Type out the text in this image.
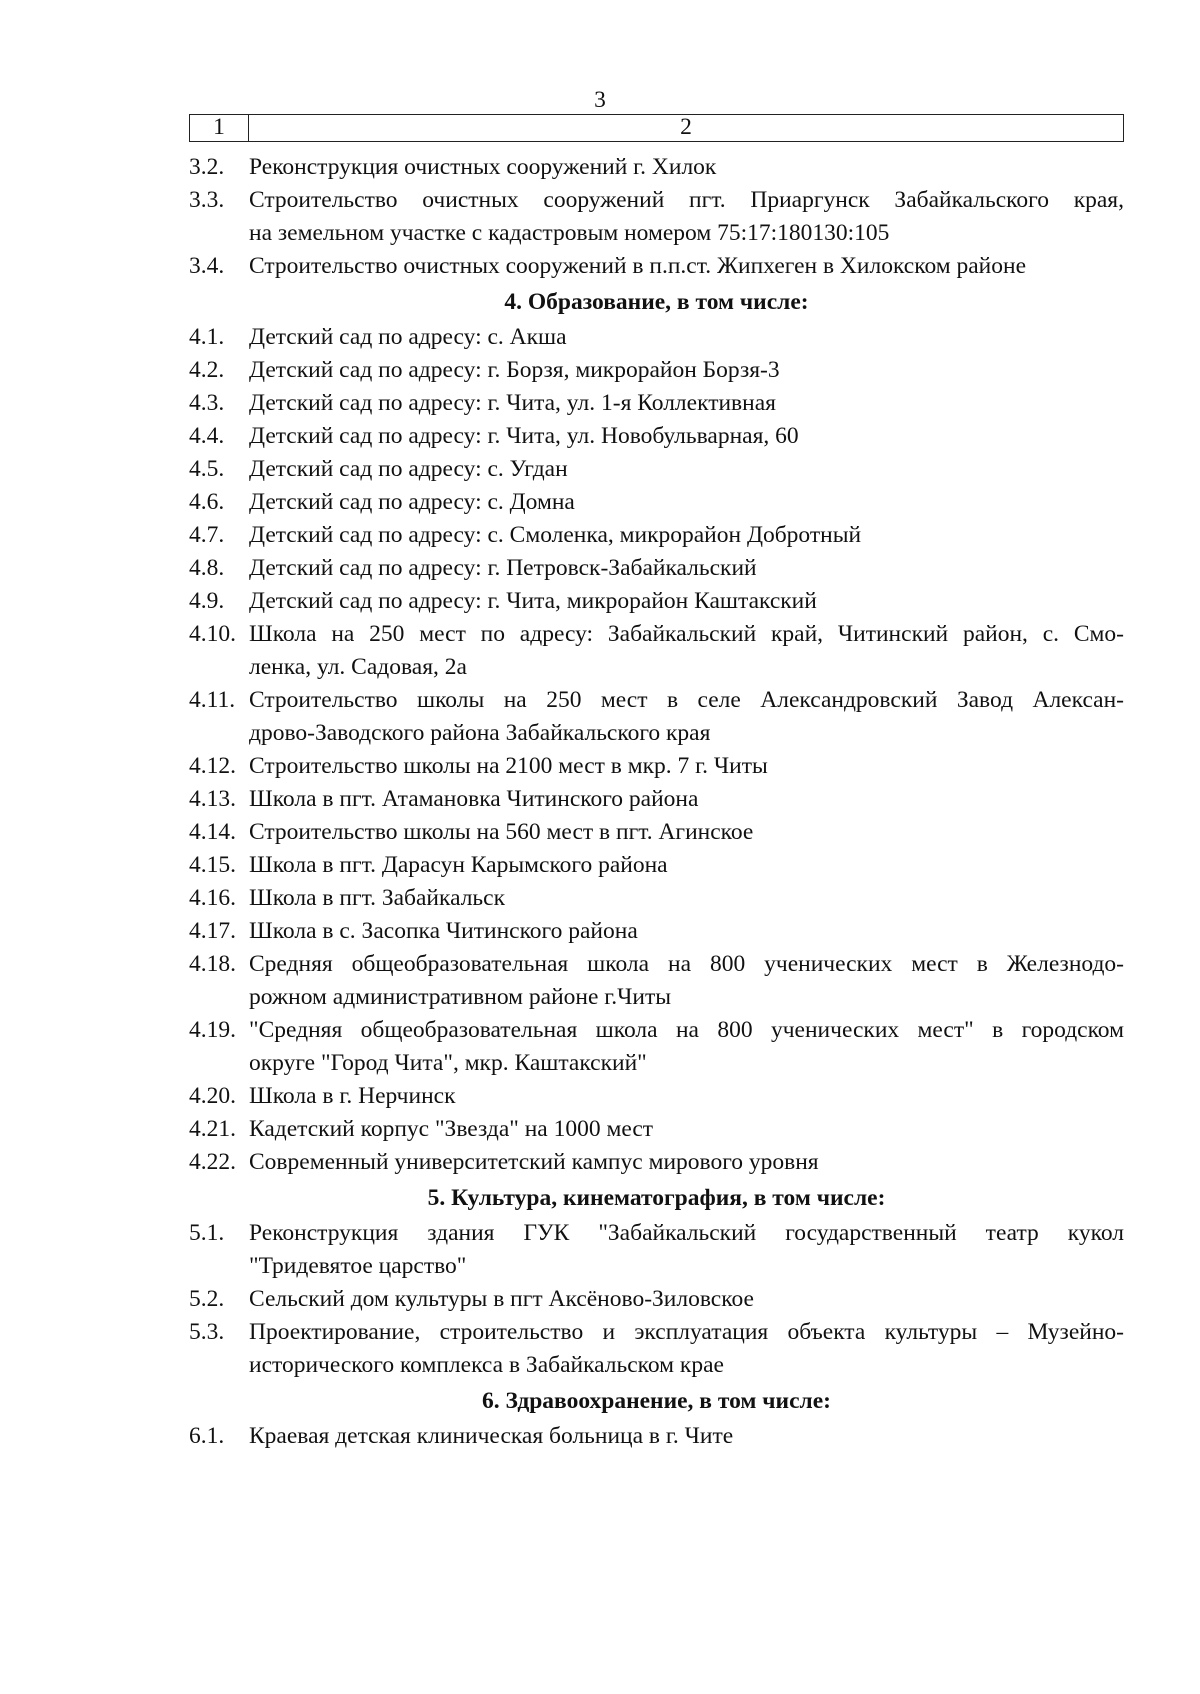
3
1	2
3.2.	Реконструкция очистных сооружений г. Хилок
3.3.	Строительство очистных сооружений пгт. Приаргунск Забайкальского края,
на земельном участке с кадастровым номером 75:17:180130:105
3.4.	Строительство очистных сооружений в п.п.ст. Жипхеген в Хилокском районе
4. Образование, в том числе:
4.1.	Детский сад по адресу: с. Акша
4.2.	Детский сад по адресу: г. Борзя, микрорайон Борзя-3
4.3.	Детский сад по адресу: г. Чита, ул. 1-я Коллективная
4.4.	Детский сад по адресу: г. Чита, ул. Новобульварная, 60
4.5.	Детский сад по адресу: с. Угдан
4.6.	Детский сад по адресу: с. Домна
4.7.	Детский сад по адресу: с. Смоленка, микрорайон Добротный
4.8.	Детский сад по адресу: г. Петровск-Забайкальский
4.9.	Детский сад по адресу: г. Чита, микрорайон Каштакский
4.10. Школа на 250 мест по адресу: Забайкальский край, Читинский район, с. Смо-
ленка, ул. Садовая, 2а
4.11. Строительство школы на 250 мест в селе Александровский Завод Алексан-
дрово-Заводского района Забайкальского края
4.12. Строительство школы на 2100 мест в мкр. 7 г. Читы
4.13. Школа в пгт. Атамановка Читинского района
4.14. Строительство школы на 560 мест в пгт. Агинское
4.15. Школа в пгт. Дарасун Карымского района
4.16. Школа в пгт. Забайкальск
4.17. Школа в с. Засопка Читинского района
4.18. Средняя общеобразовательная школа на 800 ученических мест в Железнодо-
рожном административном районе г.Читы
4.19. "Средняя общеобразовательная школа на 800 ученических мест" в городском
округе "Город Чита", мкр. Каштакский"
4.20. Школа в г. Нерчинск
4.21. Кадетский корпус "Звезда" на 1000 мест
4.22. Современный университетский кампус мирового уровня
5. Культура, кинематография, в том числе:
5.1.	Реконструкция здания ГУК "Забайкальский государственный театр кукол
"Тридевятое царство"
5.2.	Сельский дом культуры в пгт Аксёново-Зиловское
5.3.	Проектирование, строительство и эксплуатация объекта культуры – Музейно-
исторического комплекса в Забайкальском крае
6. Здравоохранение, в том числе:
6.1.	Краевая детская клиническая больница в г. Чите
